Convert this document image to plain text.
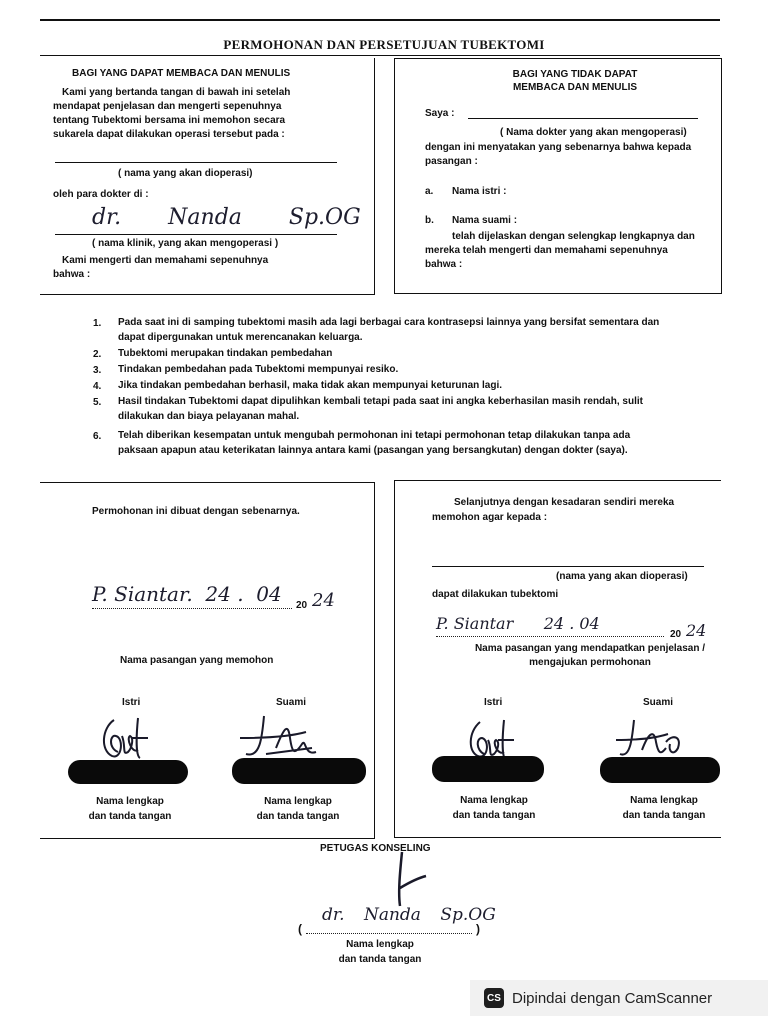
PERMOHONAN DAN PERSETUJUAN TUBEKTOMI
BAGI YANG DAPAT MEMBACA DAN MENULIS
Kami yang bertanda tangan di bawah ini setelah
mendapat penjelasan dan mengerti sepenuhnya
tentang Tubektomi bersama ini memohon secara
sukarela dapat dilakukan operasi tersebut pada :
( nama yang akan dioperasi)
oleh para dokter di :
dr. Nanda Sp.OG
( nama klinik, yang akan mengoperasi )
Kami mengerti dan memahami sepenuhnya
bahwa :
BAGI YANG TIDAK DAPAT
MEMBACA DAN MENULIS
Saya :
( Nama dokter yang akan mengoperasi)
dengan ini menyatakan yang sebenarnya bahwa kepada
pasangan :
a. Nama istri :
b. Nama suami :
telah dijelaskan dengan selengkap lengkapnya dan
mereka telah mengerti dan memahami sepenuhnya
bahwa :
1. Pada saat ini di samping tubektomi masih ada lagi berbagai cara kontrasepsi lainnya yang bersifat sementara dan
dapat dipergunakan untuk merencanakan keluarga.
2. Tubektomi merupakan tindakan pembedahan
3. Tindakan pembedahan pada Tubektomi mempunyai resiko.
4. Jika tindakan pembedahan berhasil, maka tidak akan mempunyai keturunan lagi.
5. Hasil tindakan Tubektomi dapat dipulihkan kembali tetapi pada saat ini angka keberhasilan masih rendah, sulit
dilakukan dan biaya pelayanan mahal.
6. Telah diberikan kesempatan untuk mengubah permohonan ini tetapi permohonan tetap dilakukan tanpa ada
paksaan apapun atau keterikatan lainnya antara kami (pasangan yang bersangkutan) dengan dokter (saya).
Permohonan ini dibuat dengan sebenarnya.
P. Siantar.  24 .  04 20 24
Nama pasangan yang memohon
Istri	Suami
Nama lengkap
dan tanda tangan
Nama lengkap
dan tanda tangan
Selanjutnya dengan kesadaran sendiri mereka
memohon agar kepada :
(nama yang akan dioperasi)
dapat dilakukan tubektomi
P. Siantar      24 . 04
20 24
Nama pasangan yang mendapatkan penjelasan /
mengajukan permohonan
Istri	Suami
Nama lengkap
dan tanda tangan
Nama lengkap
dan tanda tangan
PETUGAS KONSELING
(
dr. Nanda Sp.OG
)
Nama lengkap
dan tanda tangan
CS Dipindai dengan CamScanner
